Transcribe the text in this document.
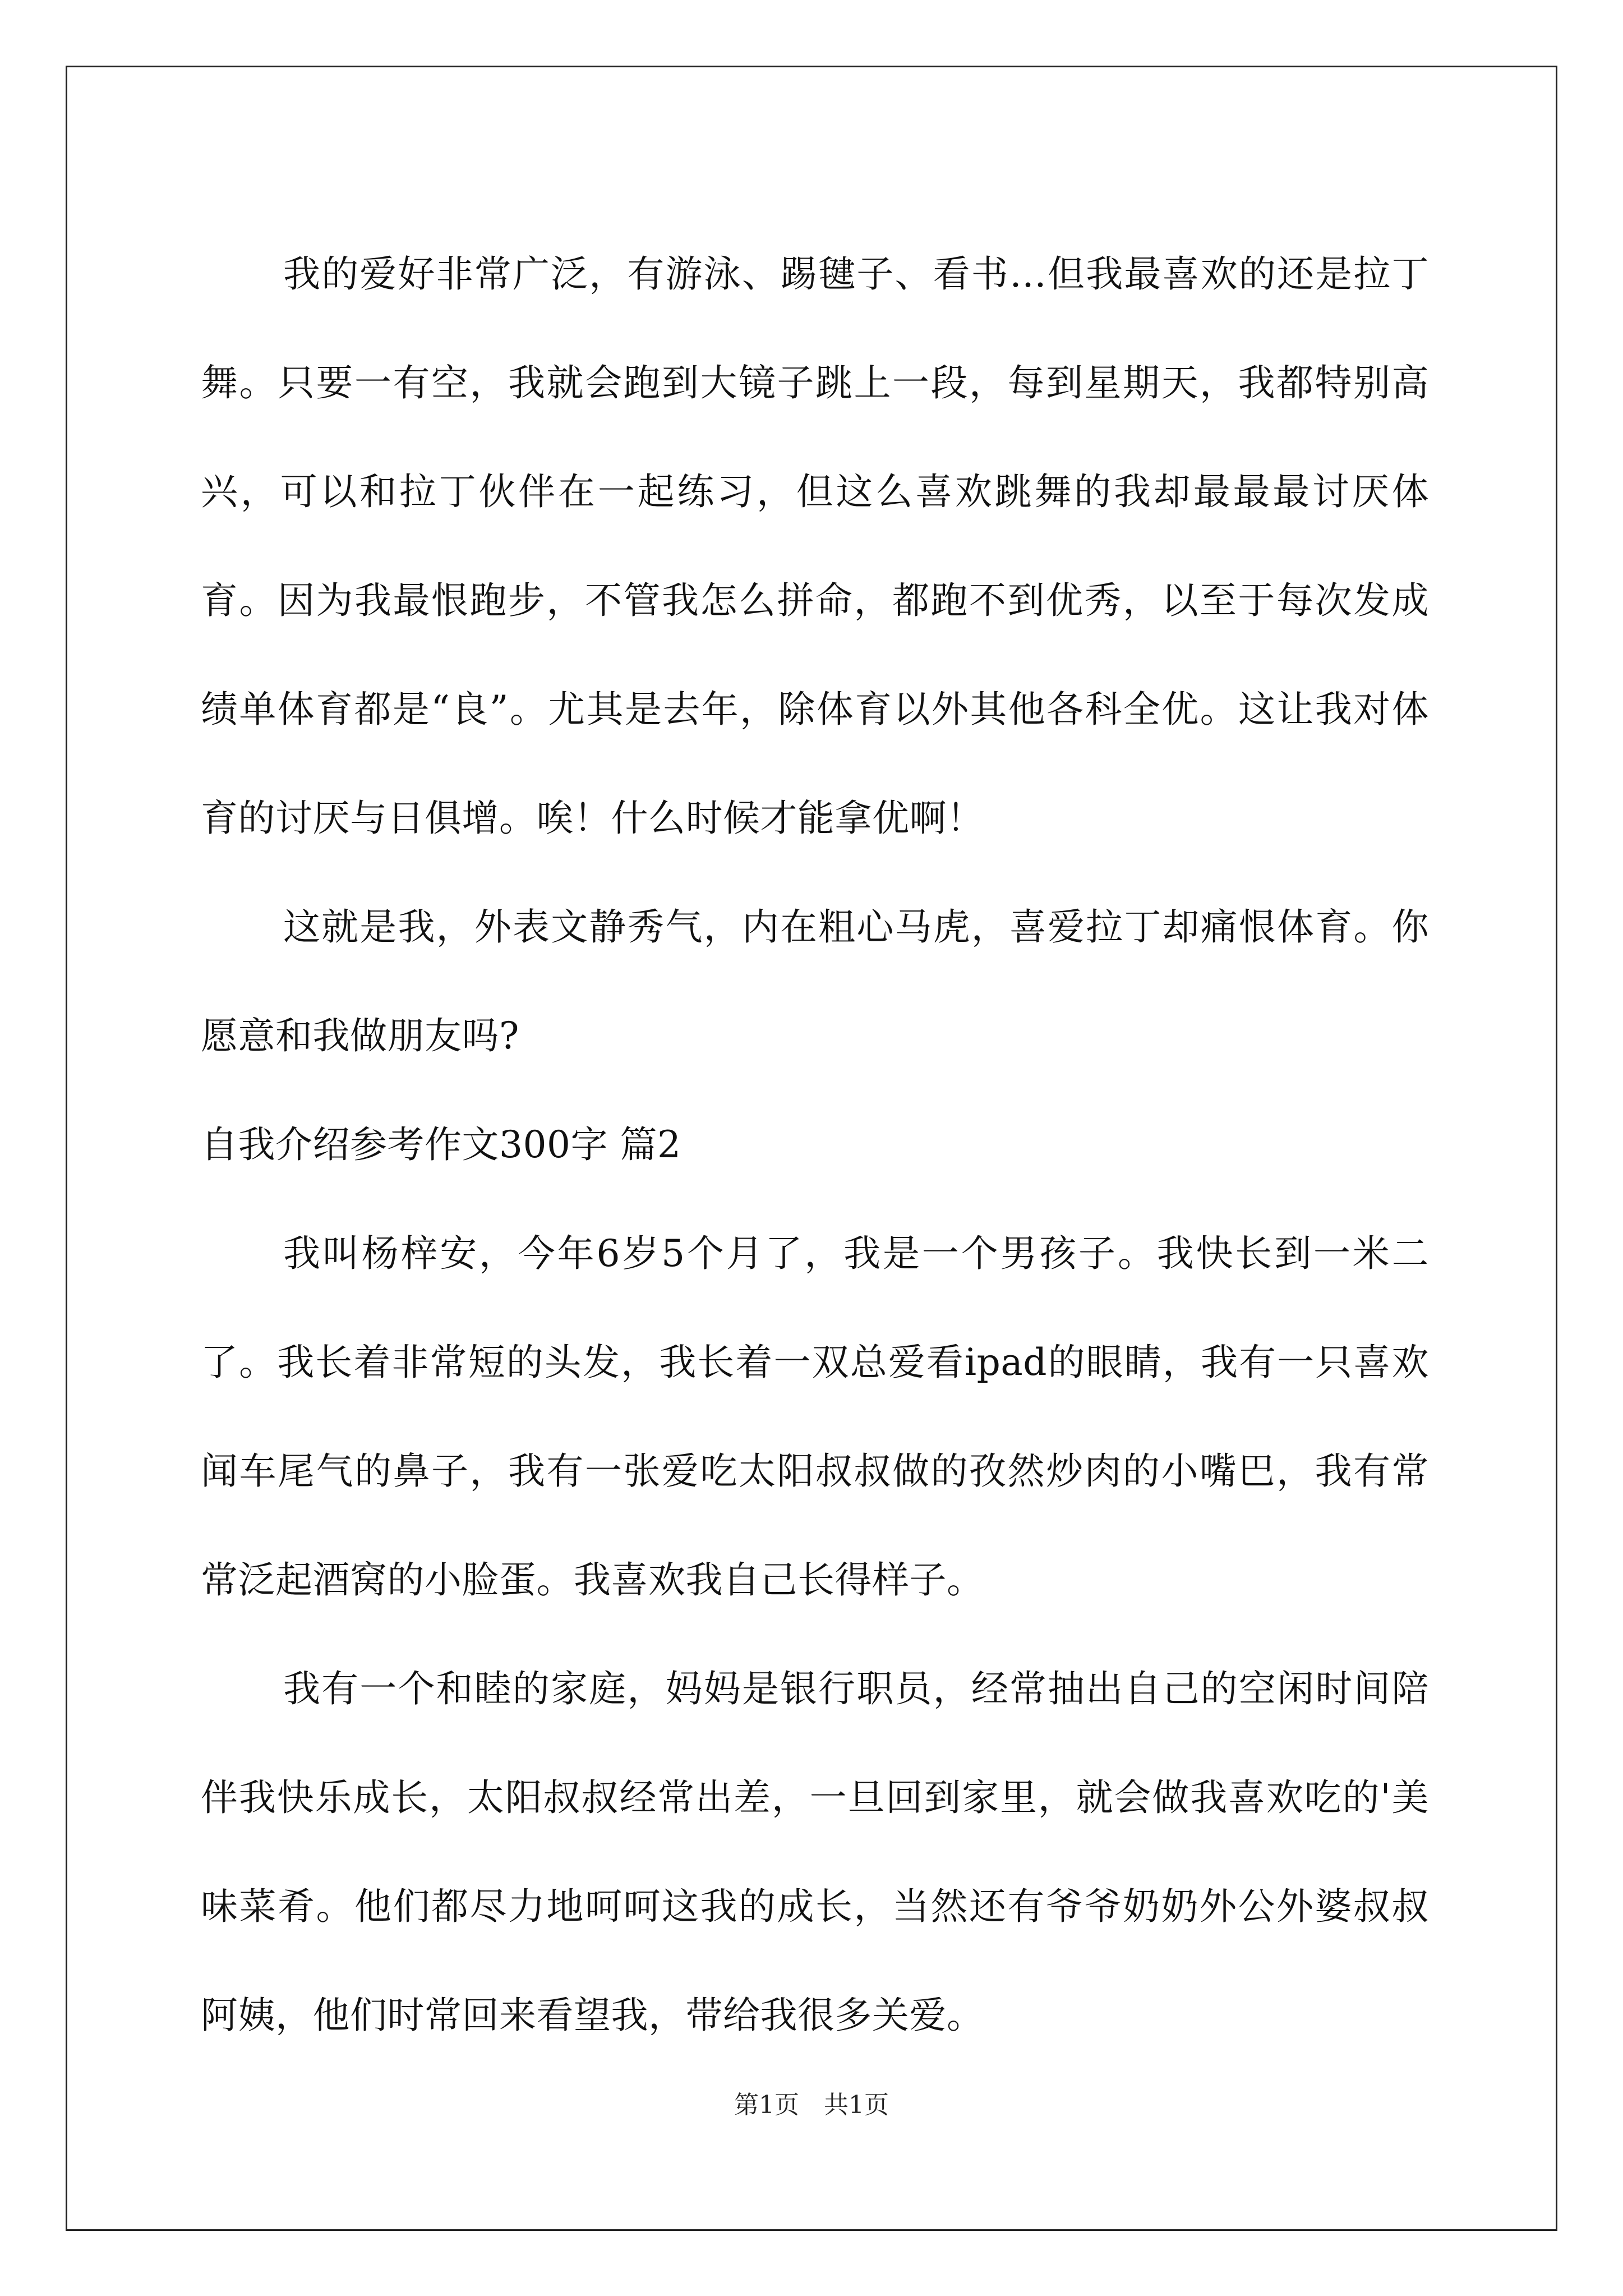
我的爱好非常广泛，有游泳、踢毽子、看书…但我最喜欢的还是拉丁舞。只要一有空，我就会跑到大镜子跳上一段，每到星期天，我都特别高兴，可以和拉丁伙伴在一起练习，但这么喜欢跳舞的我却最最最讨厌体育。因为我最恨跑步，不管我怎么拼命，都跑不到优秀，以至于每次发成绩单体育都是“良”。尤其是去年，除体育以外其他各科全优。这让我对体育的讨厌与日俱增。唉！什么时候才能拿优啊！

这就是我，外表文静秀气，内在粗心马虎，喜爱拉丁却痛恨体育。你愿意和我做朋友吗?

自我介绍参考作文300字 篇2

我叫杨梓安，今年6岁5个月了，我是一个男孩子。我快长到一米二了。我长着非常短的头发，我长着一双总爱看ipad的眼睛，我有一只喜欢闻车尾气的鼻子，我有一张爱吃太阳叔叔做的孜然炒肉的小嘴巴，我有常常泛起酒窝的小脸蛋。我喜欢我自己长得样子。

我有一个和睦的家庭，妈妈是银行职员，经常抽出自己的空闲时间陪伴我快乐成长，太阳叔叔经常出差，一旦回到家里，就会做我喜欢吃的'美味菜肴。他们都尽力地呵呵这我的成长，当然还有爷爷奶奶外公外婆叔叔阿姨，他们时常回来看望我，带给我很多关爱。

第1页　共1页
